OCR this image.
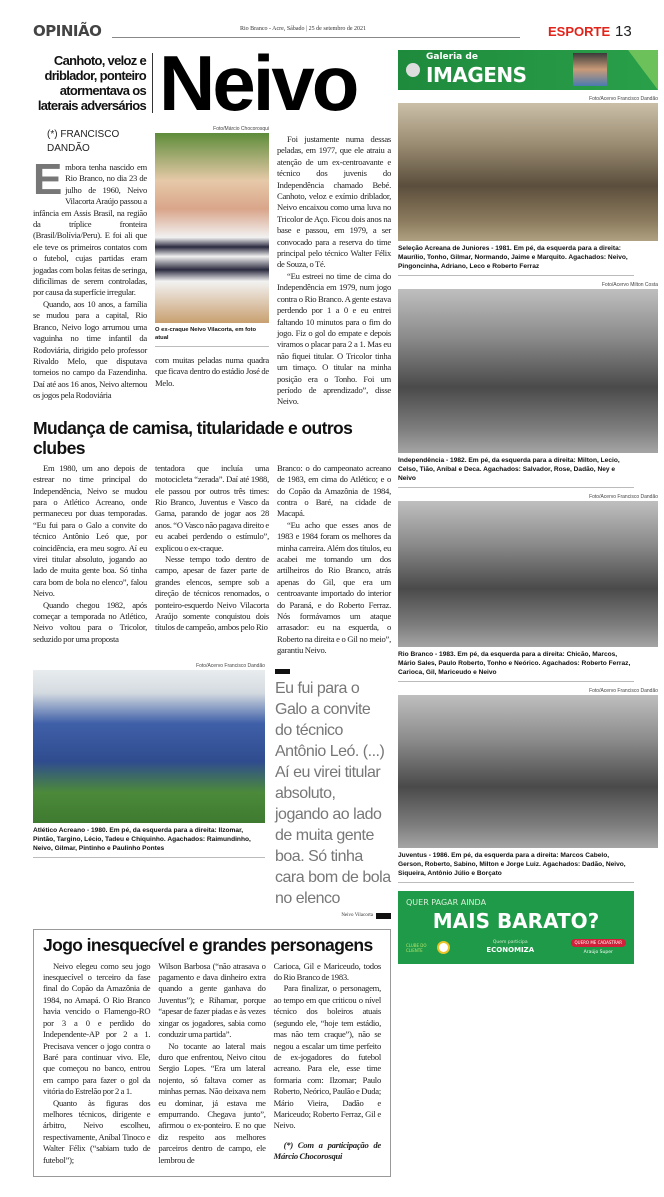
OPINIÃO	Rio Branco - Acre, Sábado | 25 de setembro de 2021	ESPORTE 13
Canhoto, veloz e driblador, ponteiro atormentava os laterais adversários Neivo
(*) FRANCISCO DANDÃO
E mbora tenha nascido em Rio Branco, no dia 23 de julho de 1960, Neivo Vilacorta Araújo passou a infância em Assis Brasil, na região da tríplice fronteira (Brasil/Bolívia/Peru). E foi ali que ele teve os primeiros contatos com o futebol, cujas partidas eram jogadas com bolas feitas de seringa, dificílimas de serem controladas, por causa da superfície irregular.

Quando, aos 10 anos, a família se mudou para a capital, Rio Branco, Neivo logo arrumou uma vaguinha no time infantil da Rodoviária, dirigido pelo professor Rivaldo Melo, que disputava torneios no campo da Fazendinha. Daí até aos 16 anos, Neivo alternou os jogos pela Rodoviária

Foto/Márcio Chocorosqui
O ex-craque Neivo Vilacorta, em foto atual

com muitas peladas numa quadra que ficava dentro do estádio José de Melo.

Foi justamente numa dessas peladas, em 1977, que ele atraiu a atenção de um ex-centroavante e técnico dos juvenis do Independência chamado Bebé. Canhoto, veloz e exímio driblador, Neivo encaixou como uma luva no Tricolor de Aço. Ficou dois anos na base e passou, em 1979, a ser convocado para a reserva do time principal pelo técnico Walter Félix de Souza, o Té.

“Eu estreei no time de cima do Independência em 1979, num jogo contra o Rio Branco. A gente estava perdendo por 1 a 0 e eu entrei faltando 10 minutos para o fim do jogo. Fiz o gol do empate e depois viramos o placar para 2 a 1. Mas eu não fiquei titular. O Tricolor tinha um timaço. O titular na minha posição era o Tonho. Foi um período de aprendizado”, disse Neivo.

Mudança de camisa, titularidade e outros clubes

Em 1980, um ano depois de estrear no time principal do Independência, Neivo se mudou para o Atlético Acreano, onde permaneceu por duas temporadas. “Eu fui para o Galo a convite do técnico Antônio Leó que, por coincidência, era meu sogro. Aí eu virei titular absoluto, jogando ao lado de muita gente boa. Só tinha cara bom de bola no elenco”, falou Neivo.

Quando chegou 1982, após começar a temporada no Atlético, Neivo voltou para o Tricolor, seduzido por uma proposta

tentadora que incluía uma motocicleta “zerada”. Daí até 1988, ele passou por outros três times: Rio Branco, Juventus e Vasco da Gama, parando de jogar aos 28 anos. “O Vasco não pagava direito e eu acabei perdendo o estímulo”, explicou o ex-craque.

Nesse tempo todo dentro de campo, apesar de fazer parte de grandes elencos, sempre sob a direção de técnicos renomados, o ponteiro-esquerdo Neivo Vilacorta Araújo somente conquistou dois títulos de campeão, ambos pelo Rio

Branco: o do campeonato acreano de 1983, em cima do Atlético; e o do Copão da Amazônia de 1984, contra o Baré, na cidade de Macapá.

“Eu acho que esses anos de 1983 e 1984 foram os melhores da minha carreira. Além dos títulos, eu acabei me tornando um dos artilheiros do Rio Branco, atrás apenas do Gil, que era um centroavante importado do interior do Paraná, e do Roberto Ferraz. Nós formávamos um ataque arrasador: eu na esquerda, o Roberto na direita e o Gil no meio”, garantiu Neivo.

Foto/Acervo Francisco Dandão
Atlético Acreano - 1980. Em pé, da esquerda para a direita: Ilzomar, Pintão, Targino, Lécio, Tadeu e Chiquinho. Agachados: Raimundinho, Neivo, Gilmar, Pintinho e Paulinho Pontes
Eu fui para o Galo a convite do técnico Antônio Leó. (...) Aí eu virei titular absoluto, jogando ao lado de muita gente boa. Só tinha cara bom de bola no elenco
Neivo Vilacorta
Jogo inesquecível e grandes personagens

Neivo elegeu como seu jogo inesquecível o terceiro da fase final do Copão da Amazônia de 1984, no Amapá. O Rio Branco havia vencido o Flamengo-RO por 3 a 0 e perdido do Independente-AP por 2 a 1. Precisava vencer o jogo contra o Baré para continuar vivo. Ele, que começou no banco, entrou em campo para fazer o gol da vitória do Estrelão por 2 a 1.

Quanto às figuras dos melhores técnicos, dirigente e árbitro, Neivo escolheu, respectivamente, Aníbal Tinoco e Walter Félix (“sabiam tudo de futebol”);

Wilson Barbosa (“não atrasava o pagamento e dava dinheiro extra quando a gente ganhava do Juventus”); e Rihamar, porque “apesar de fazer piadas e às vezes xingar os jogadores, sabia como conduzir uma partida”.

No tocante ao lateral mais duro que enfrentou, Neivo citou Sergio Lopes. “Era um lateral nojento, só faltava comer as minhas pernas. Não deixava nem eu dominar, já estava me empurrando. Chegava junto”, afirmou o ex-ponteiro. E no que diz respeito aos melhores parceiros dentro de campo, ele lembrou de

Carioca, Gil e Mariceudo, todos do Rio Branco de 1983.

Para finalizar, o personagem, ao tempo em que criticou o nível técnico dos boleiros atuais (segundo ele, “hoje tem estádio, mas não tem craque”), não se negou a escalar um time perfeito de ex-jogadores do futebol acreano. Para ele, esse time formaria com: Ilzomar; Paulo Roberto, Neórico, Paulão e Duda; Mário Vieira, Dadão e Mariceudo; Roberto Ferraz, Gil e Neivo.

(*) Com a participação de Márcio Chocorosqui

Galeria de
IMAGENS
Foto/Acervo Francisco Dandão
Seleção Acreana de Juniores - 1981. Em pé, da esquerda para a direita: Maurílio, Tonho, Gilmar, Normando, Jaime e Marquito. Agachados: Neivo, Pingoncinha, Adriano, Leco e Roberto Ferraz
Foto/Acervo Milton Costa
Independência - 1982. Em pé, da esquerda para a direita: Milton, Lecio, Celso, Tião, Aníbal e Deca. Agachados: Salvador, Rose, Dadão, Ney e Neivo
Foto/Acervo Francisco Dandão
Rio Branco - 1983. Em pé, da esquerda para a direita: Chicão, Marcos, Mário Sales, Paulo Roberto, Tonho e Neórico. Agachados: Roberto Ferraz, Carioca, Gil, Mariceudo e Neivo
Foto/Acervo Francisco Dandão
Juventus - 1986. Em pé, da esquerda para a direita: Marcos Cabelo, Gerson, Roberto, Sabino, Milton e Jorge Luiz. Agachados: Dadão, Neivo, Siqueira, Antônio Júlio e Borçato
QUER PAGAR AINDA
MAIS BARATO?
CLUBE DO CLIENTE
Quem participa
ECONOMIZA
QUERO ME CADASTRAR
Araújo Super
